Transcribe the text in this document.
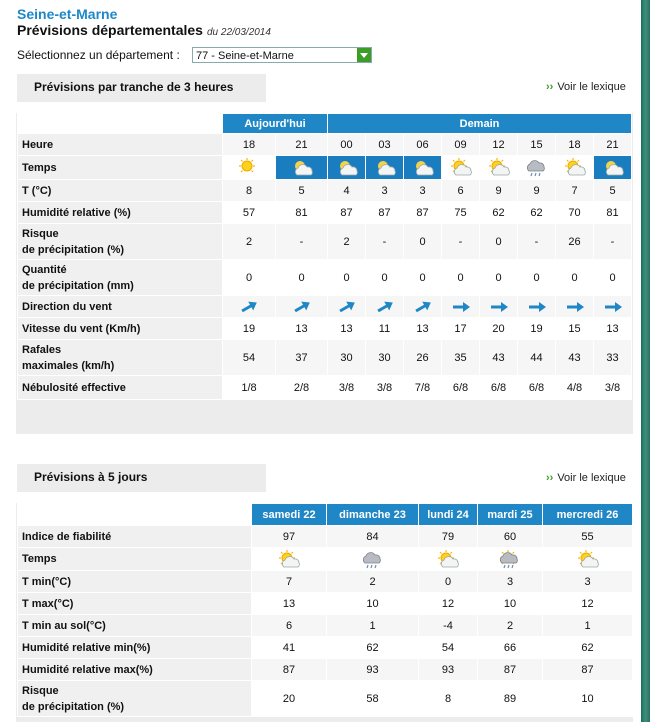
Seine-et-Marne
Prévisions départementales du 22/03/2014
Sélectionnez un département :	77 - Seine-et-Marne
Prévisions par tranche de 3 heures	›› Voir le lexique
	Aujourd'hui		Demain							
Heure	18	21	00	03	06	09	12	15	18	21
Temps										
T (°C)	8	5	4	3	3	6	9	9	7	5
Humidité relative (%)	57	81	87	87	87	75	62	62	70	81
Risque
de précipitation (%)	2	-	2	-	0	-	0	-	26	-
Quantité
de précipitation (mm)	0	0	0	0	0	0	0	0	0	0
Direction du vent										
Vitesse du vent (Km/h)	19	13	13	11	13	17	20	19	15	13
Rafales
maximales (km/h)	54	37	30	30	26	35	43	44	43	33
Nébulosité effective	1/8	2/8	3/8	3/8	7/8	6/8	6/8	6/8	4/8	3/8
Prévisions à 5 jours	›› Voir le lexique
	samedi 22	dimanche 23	lundi 24	mardi 25	mercredi 26
Indice de fiabilité	97	84	79	60	55
Temps					
T min(°C)	7	2	0	3	3
T max(°C)	13	10	12	10	12
T min au sol(°C)	6	1	-4	2	1
Humidité relative min(%)	41	62	54	66	62
Humidité relative max(%)	87	93	93	87	87
Risque
de précipitation (%)	20	58	8	89	10
